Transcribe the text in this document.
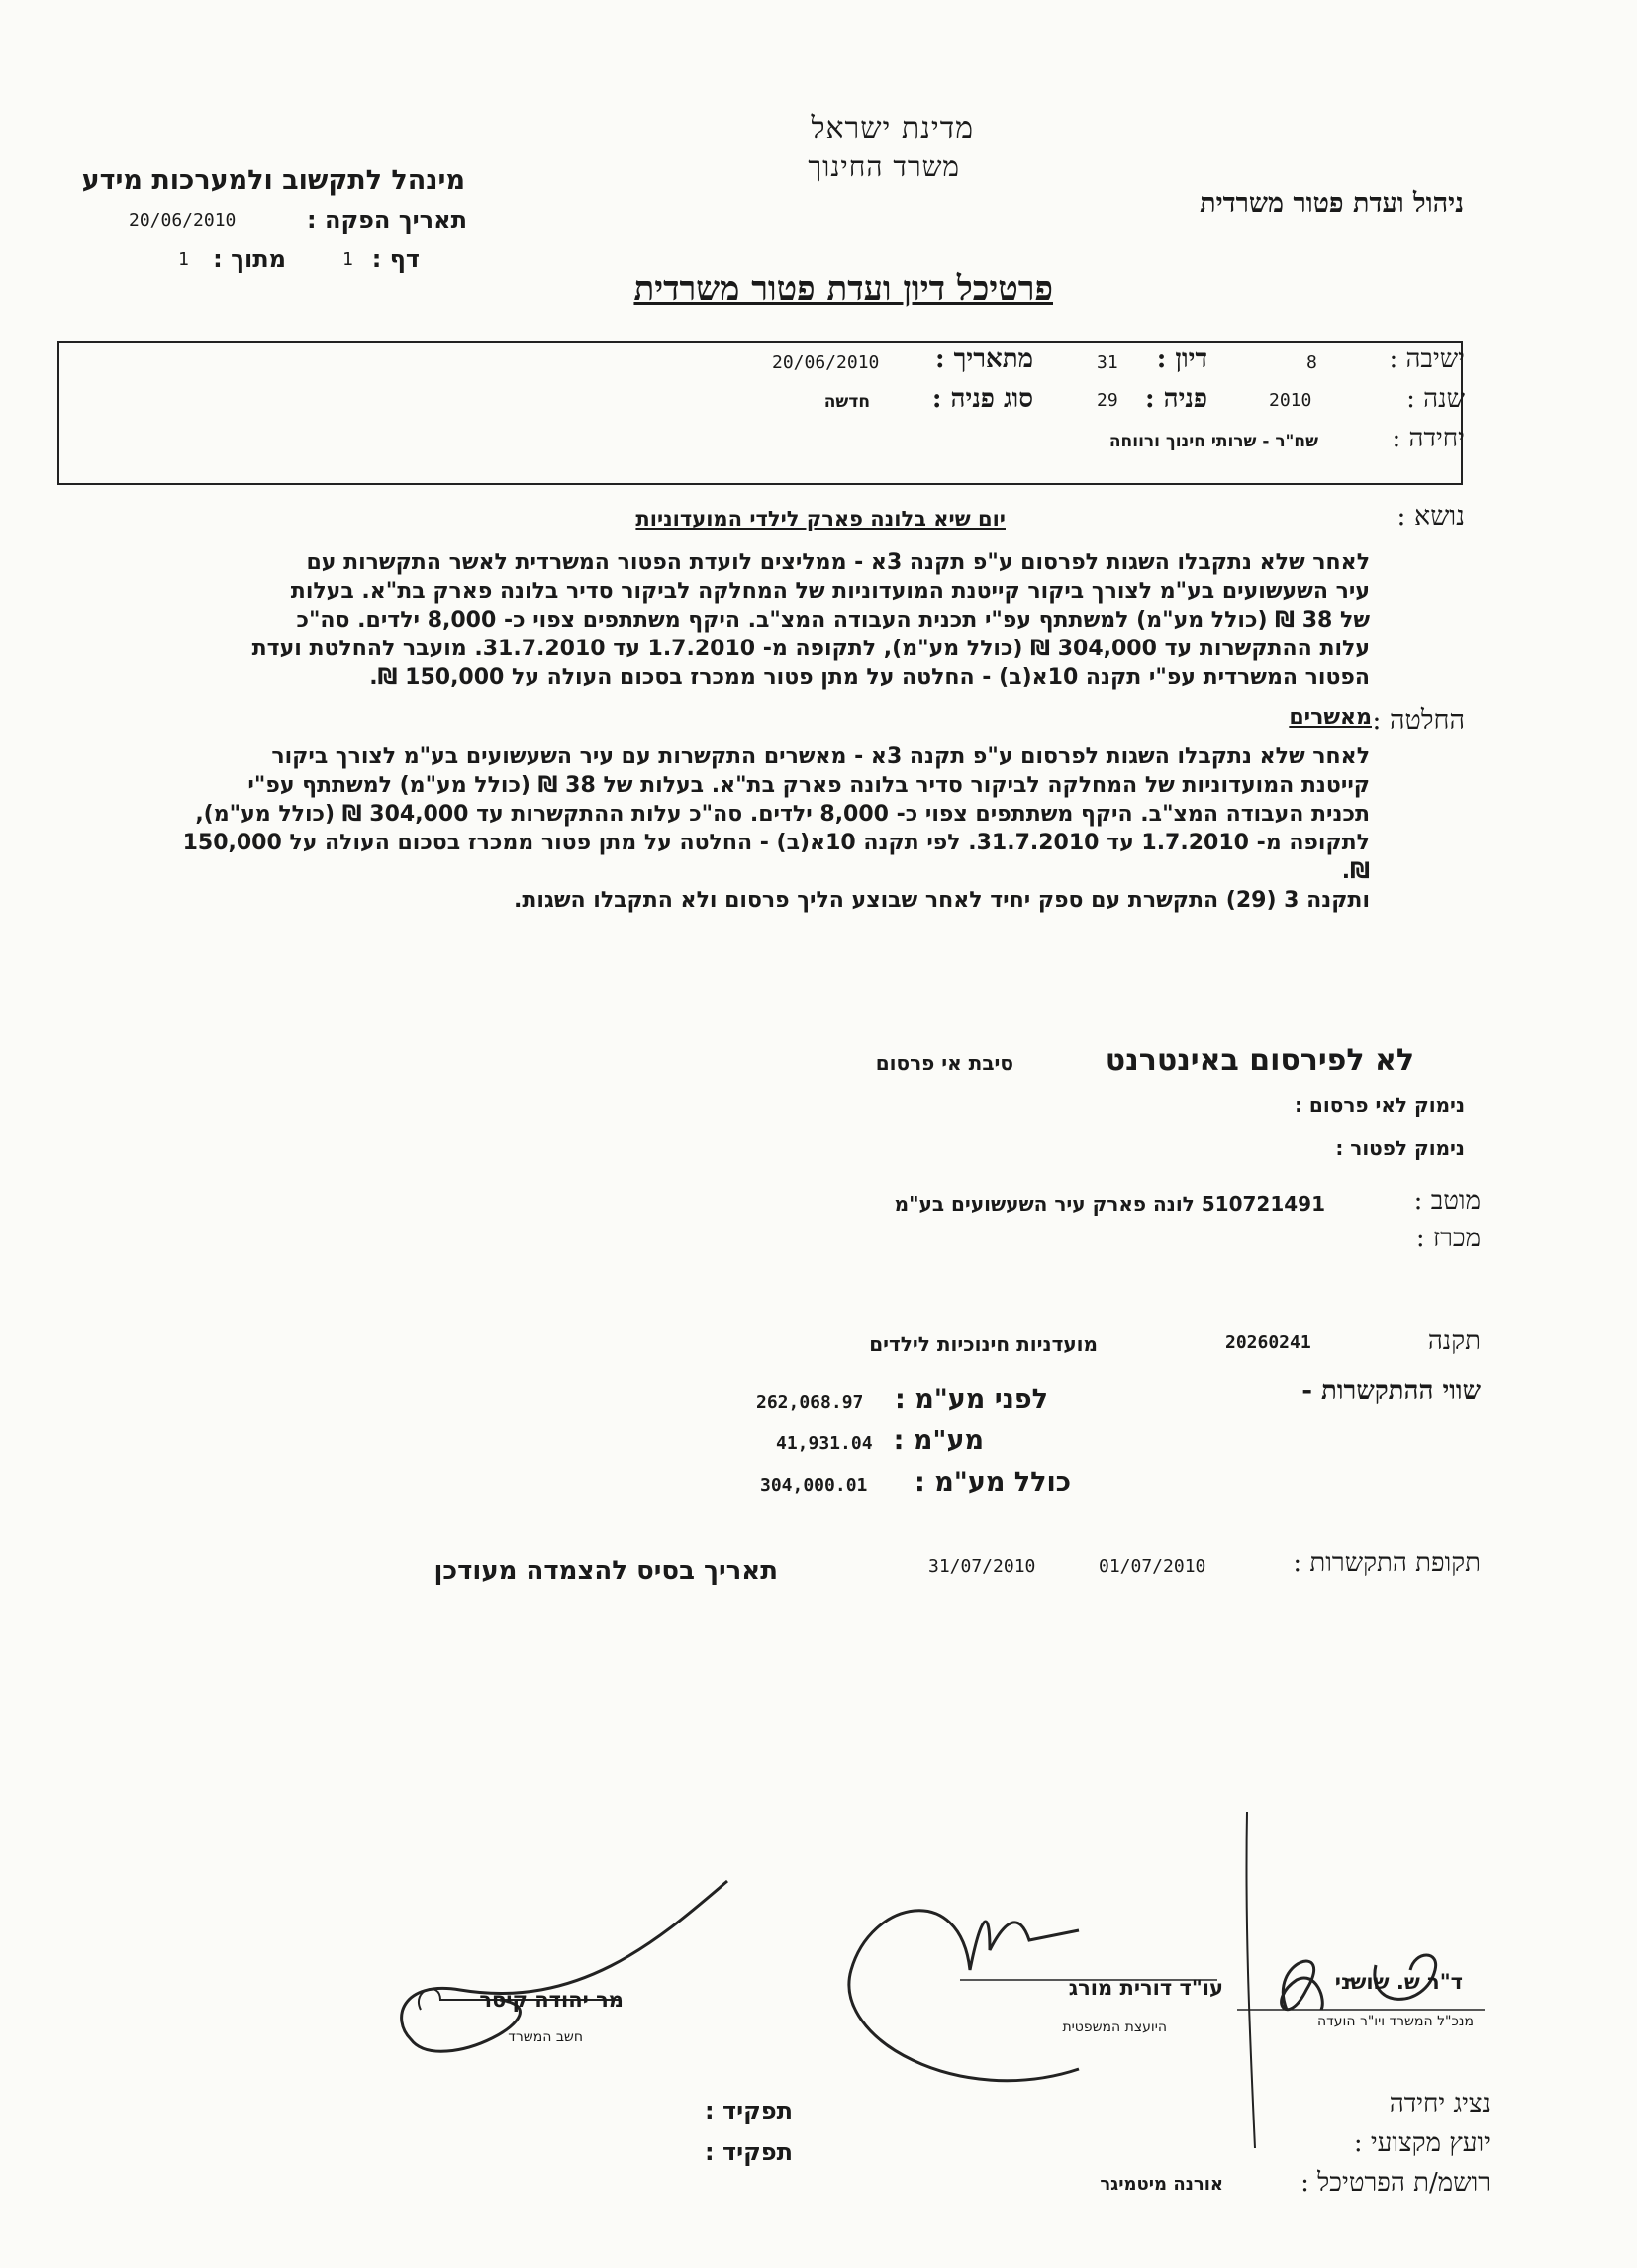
מדינת ישראל
משרד החינוך
מינהל לתקשוב ולמערכות מידע
תאריך הפקה :
20/06/2010
דף :
1
מתוך :
1
ניהול ועדת פטור משרדית
פרטיכל דיון ועדת פטור משרדית
ישיבה :
8
דיון :
31
מתאריך :
20/06/2010
שנה :
2010
פניה :
29
סוג פניה :
חדשה
יחידה :
שח"ר - שרותי חינוך ורווחה
נושא :
יום שיא בלונה פארק לילדי המועדוניות
לאחר שלא נתקבלו השגות לפרסום ע"פ תקנה 3א - ממליצים לועדת הפטור המשרדית לאשר התקשרות עם
עיר השעשועים בע"מ לצורך ביקור קייטנת המועדוניות של המחלקה לביקור סדיר בלונה פארק בת"א. בעלות
של 38 ₪ (כולל מע"מ) למשתתף עפ"י תכנית העבודה המצ"ב. היקף משתתפים צפוי כ- 8,000 ילדים. סה"כ
עלות ההתקשרות עד 304,000 ₪ (כולל מע"מ), לתקופה מ- 1.7.2010 עד 31.7.2010. מועבר להחלטת ועדת
הפטור המשרדית עפ"י תקנה 10א(ב) - החלטה על מתן פטור ממכרז בסכום העולה על 150,000 ₪.
החלטה :
מאשרים
לאחר שלא נתקבלו השגות לפרסום ע"פ תקנה 3א - מאשרים התקשרות עם עיר השעשועים בע"מ לצורך ביקור
קייטנת המועדוניות של המחלקה לביקור סדיר בלונה פארק בת"א. בעלות של 38 ₪ (כולל מע"מ) למשתתף עפ"י
תכנית העבודה המצ"ב. היקף משתתפים צפוי כ- 8,000 ילדים. סה"כ עלות ההתקשרות עד 304,000 ₪ (כולל מע"מ),
לתקופה מ- 1.7.2010 עד 31.7.2010. לפי תקנה 10א(ב) - החלטה על מתן פטור ממכרז בסכום העולה על 150,000 ₪.
ותקנה 3 (29) התקשרת עם ספק יחיד לאחר שבוצע הליך פרסום ולא התקבלו השגות.
לא לפירסום באינטרנט
סיבת אי פרסום
נימוק לאי פרסום :
נימוק לפטור :
מוטב :
510721491 לונה פארק עיר השעשועים בע"מ
מכרז :
תקנה
20260241
מועדניות חינוכיות לילדים
שווי ההתקשרות -
לפני מע"מ :
262,068.97
מע"מ :
41,931.04
כולל מע"מ :
304,000.01
תקופת התקשרות :
01/07/2010
31/07/2010
תאריך בסיס להצמדה מעודכן
ד"ר ש. שושני
מנכ"ל המשרד ויו"ר הועדה
עו"ד דורית מורג
היועצת המשפטית
מר יהודה קיסר
חשב המשרד
נציג יחידה
יועץ מקצועי :
רושמ/ת הפרטיכל :
אורנה מיטמיגר
תפקיד :
תפקיד :
